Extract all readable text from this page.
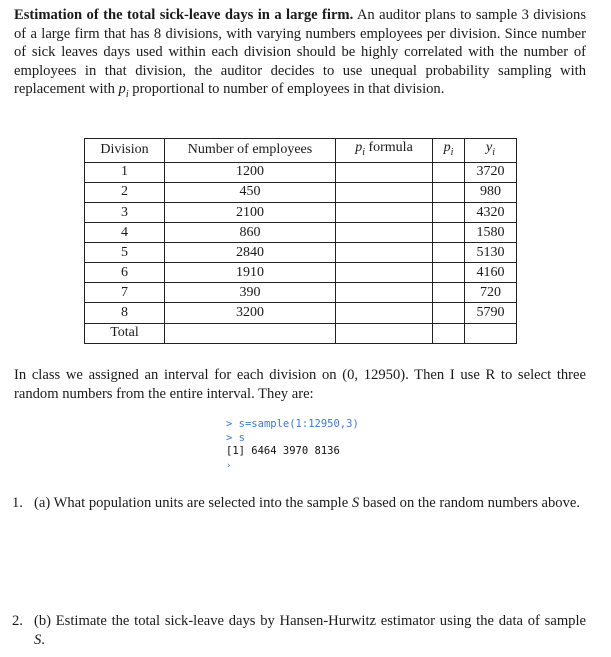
Estimation of the total sick-leave days in a large firm. An auditor plans to sample 3 divisions of a large firm that has 8 divisions, with varying numbers employees per division. Since number of sick leaves days used within each division should be highly correlated with the number of employees in that division, the auditor decides to use unequal probability sampling with replacement with $p_i$ proportional to number of employees in that division.

Division	Number of employees	$p_i$ formula	$p_i$	$y_i$
1	1200			3720
2	450			980
3	2100			4320
4	860			1580
5	2840			5130
6	1910			4160
7	390			720
8	3200			5790
Total				

In class we assigned an interval for each division on (0, 12950). Then I use R to select three random numbers from the entire interval. They are:

> s=sample(1:12950,3)
> s
[1] 6464 3970 8136
›

1. (a) What population units are selected into the sample S based on the random numbers above.

2. (b) Estimate the total sick-leave days by Hansen-Hurwitz estimator using the data of sample S.
